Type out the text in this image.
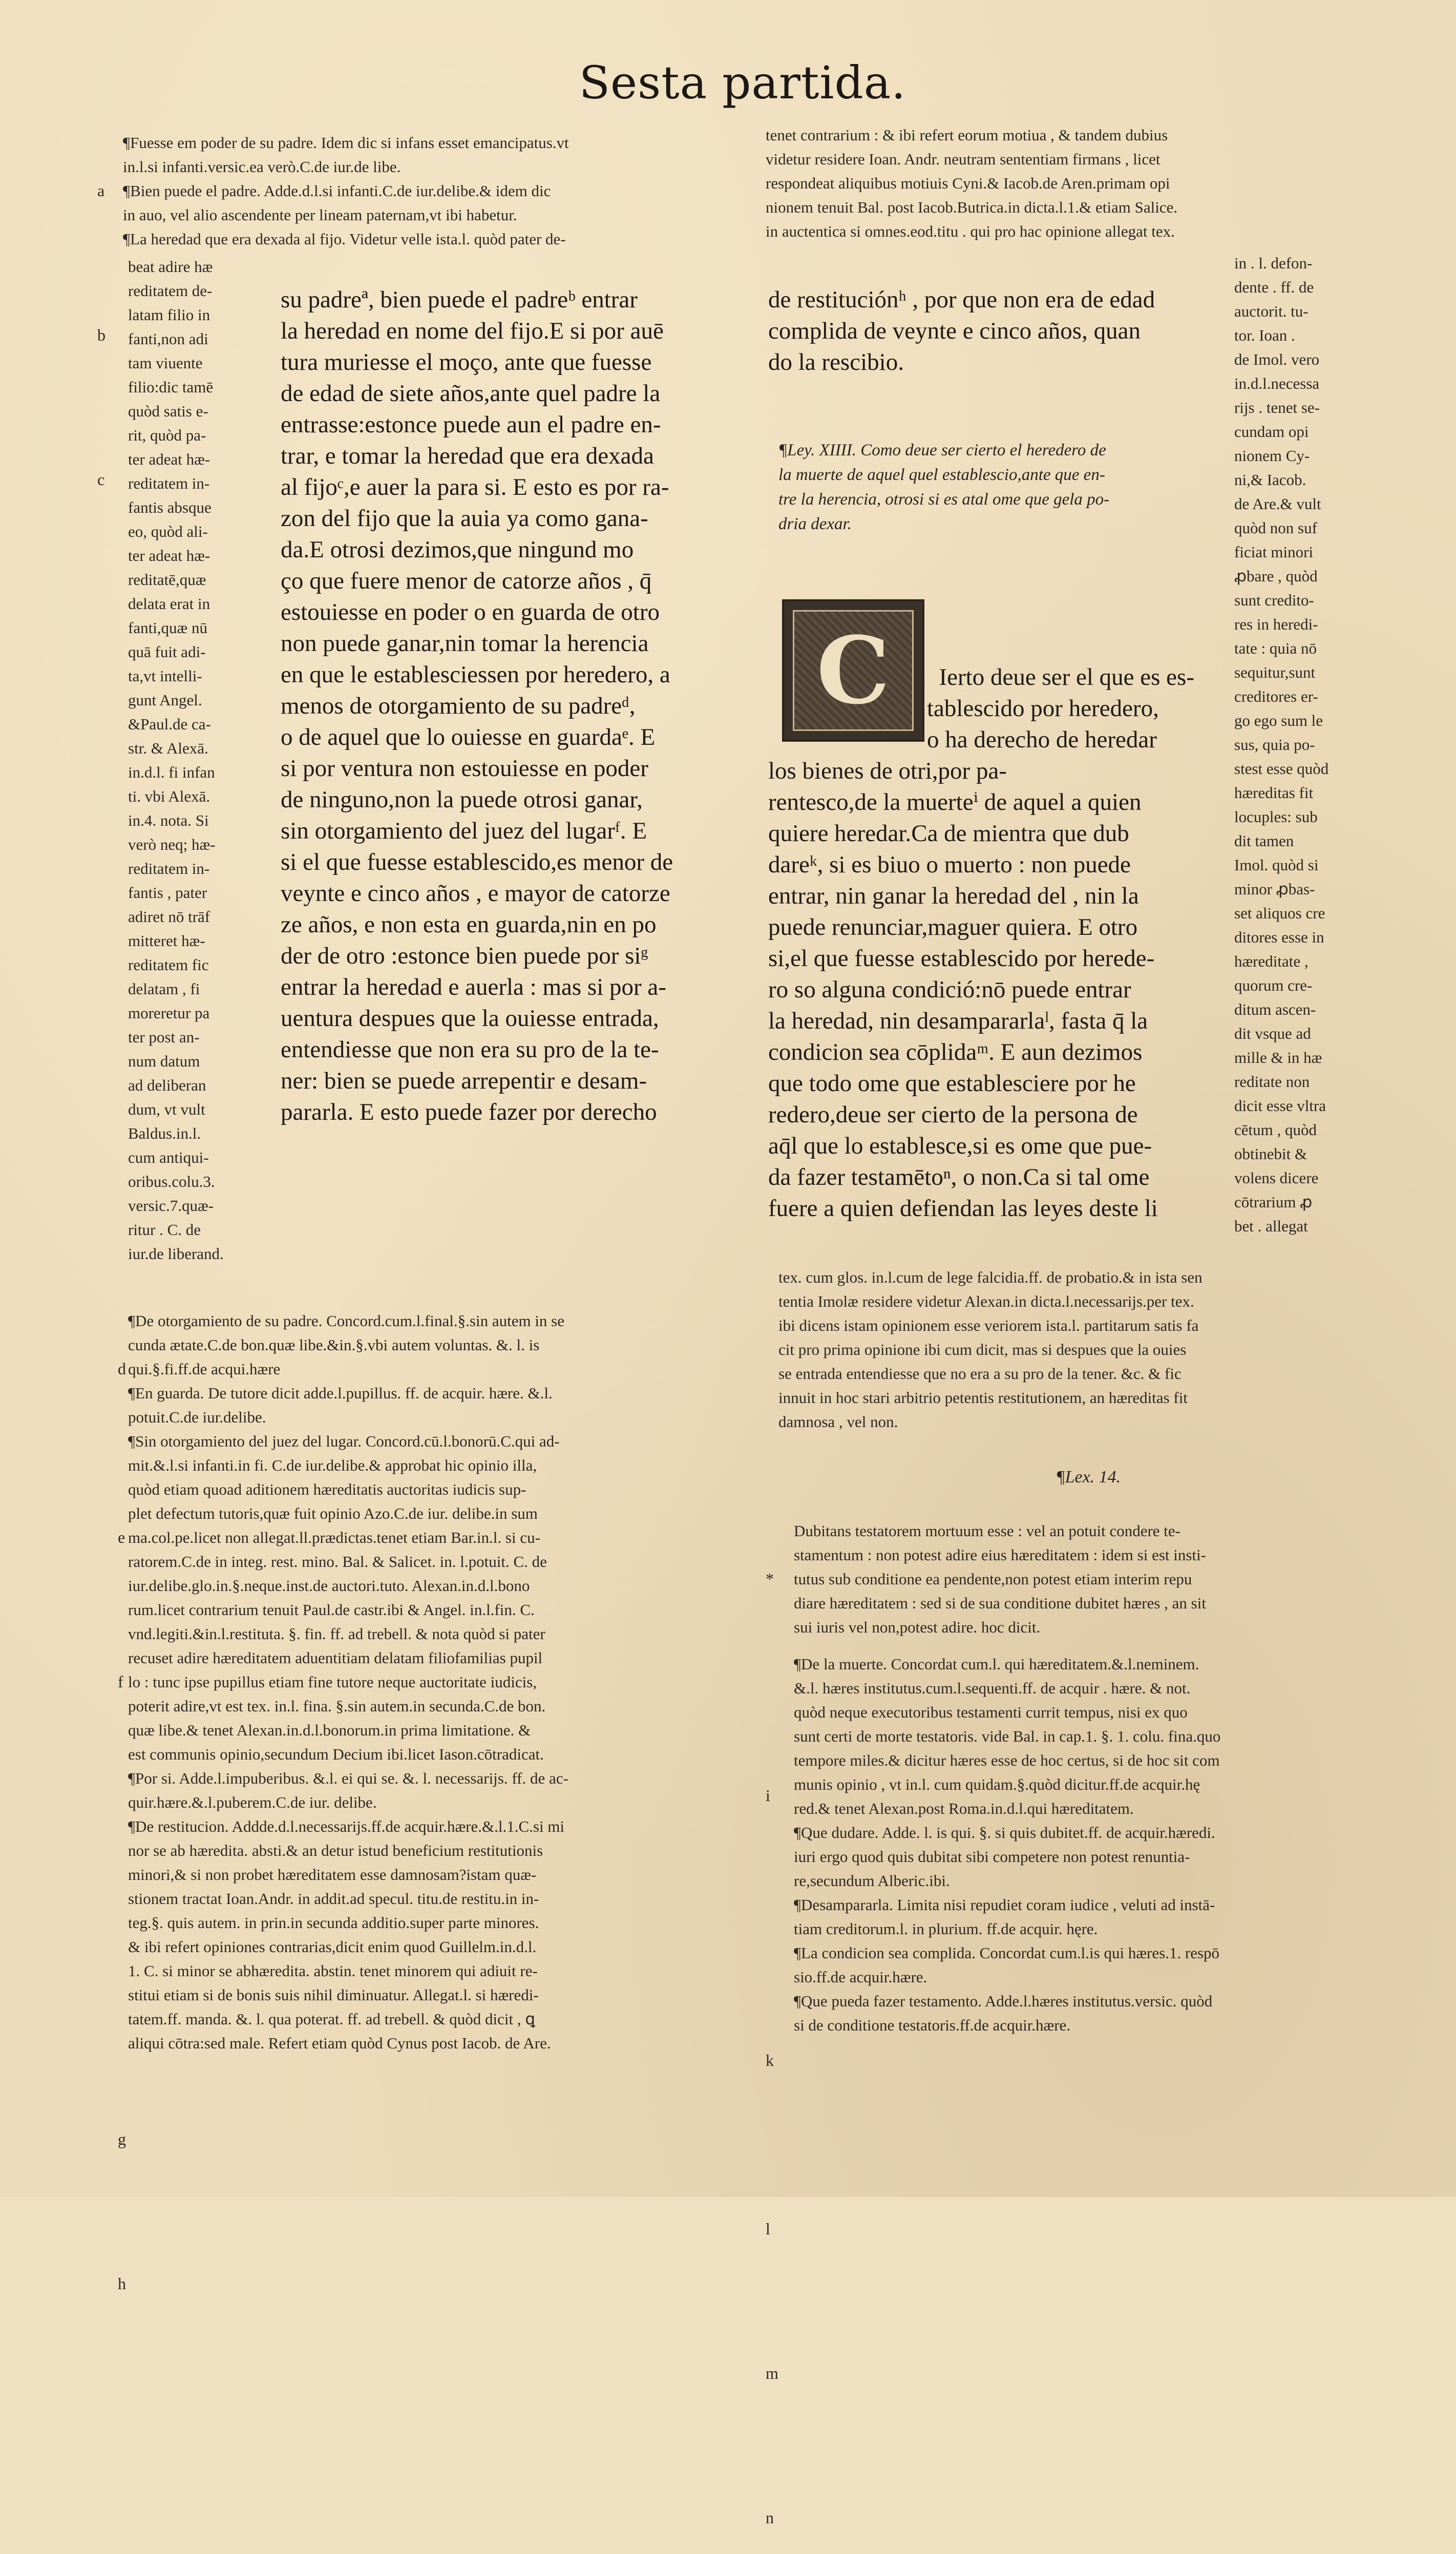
Sesta partida.

a

b

c

¶Fuesse em poder de su padre. Idem dic si infans esset emancipatus.vt
in.l.si infanti.versic.ea verò.C.de iur.de libe.
¶Bien puede el padre. Adde.d.l.si infanti.C.de iur.delibe.& idem dic
in auo, vel alio ascendente per lineam paternam,vt ibi habetur.
¶La heredad que era dexada al fijo. Videtur velle ista.l. quòd pater de-
beat adire hæ
reditatem de-
latam filio in
fanti,non adi
tam viuente
filio:dic tamē
quòd satis e-
rit, quòd pa-
ter adeat hæ-
reditatem in-
fantis absque
eo, quòd ali-
ter adeat hæ-
reditatē,quæ
delata erat in
fanti,quæ nū
quā fuit adi-
ta,vt intelli-
gunt Angel.
&Paul.de ca-
str. & Alexā.
in.d.l. fi infan
ti. vbi Alexā.
in.4. nota. Si
verò neq; hæ-
reditatem in-
fantis , pater
adiret nō trāf
mitteret hæ-
reditatem fic
delatam , fi
moreretur pa
ter post an-
num datum
ad deliberan
dum, vt vult
Baldus.in.l.
cum antiqui-
oribus.colu.3.
versic.7.quæ-
ritur . C. de
iur.de liberand.
su padreª, bien puede el padreᵇ entrar
la heredad en nome del fijo.E si por auē
tura muriesse el moço, ante que fuesse
de edad de siete años,ante quel padre la
entrasse:estonce puede aun el padre en-
trar, e tomar la heredad que era dexada
al fijoᶜ,e auer la para si. E esto es por ra-
zon del fijo que la auia ya como gana-
da.E otrosi dezimos,que ningund mo
ço que fuere menor de catorze años , q̄
estouiesse en poder o en guarda de otro
non puede ganar,nin tomar la herencia
en que le establesciessen por heredero, a
menos de otorgamiento de su padreᵈ,
o de aquel que lo ouiesse en guardaᵉ. E
si por ventura non estouiesse en poder
de ninguno,non la puede otrosi ganar,
sin otorgamiento del juez del lugarᶠ. E
si el que fuesse establescido,es menor de
veynte e cinco años , e mayor de catorze
ze años, e non esta en guarda,nin en po
der de otro :estonce bien puede por siᵍ
entrar la heredad e auerla : mas si por a-
uentura despues que la ouiesse entrada,
entendiesse que non era su pro de la te-
ner: bien se puede arrepentir e desam-
pararla. E esto puede fazer por derecho
tenet contrarium : & ibi refert eorum motiua , & tandem dubius
videtur residere Ioan. Andr. neutram sententiam firmans , licet
respondeat aliquibus motiuis Cyni.& Iacob.de Aren.primam opi
nionem tenuit Bal. post Iacob.Butrica.in dicta.l.1.& etiam Salice.
in auctentica si omnes.eod.titu . qui pro hac opinione allegat tex.
de restituciónʰ , por que non era de edad
complida de veynte e cinco años, quan
do la rescibio.
in . l. defon-
dente . ff. de
auctorit. tu-
tor. Ioan .
de Imol. vero
in.d.l.necessa
rijs . tenet se-
cundam opi
nionem Cy-
ni,& Iacob.
de Are.& vult
quòd non suf
ficiat minori
ꝓbare , quòd
sunt credito-
res in heredi-
tate : quia nō
sequitur,sunt
creditores er-
go ego sum le
sus, quia po-
stest esse quòd
hæreditas fit
locuples: sub
dit tamen
Imol. quòd si
minor ꝓbas-
set aliquos cre
ditores esse in
hæreditate ,
quorum cre-
ditum ascen-
dit vsque ad
mille & in hæ
reditate non
dicit esse vltra
cētum , quòd
obtinebit &
volens dicere
cōtrarium ꝓ
bet . allegat
¶Ley. XIIII. Como deue ser cierto el heredero de
la muerte de aquel quel establescio,ante que en-
tre la herencia, otrosi si es atal ome que gela po-
dria dexar.
C

	Ierto deue ser el que es es-
tablescido por heredero,
o ha derecho de heredar
los bienes de otri,por pa-
rentesco,de la muerteⁱ de aquel a quien
quiere heredar.Ca de mientra que dub
dareᵏ, si es biuo o muerto : non puede
entrar, nin ganar la heredad del , nin la
puede renunciar,maguer quiera. E otro
si,el que fuesse establescido por herede-
ro so alguna condició:nō puede entrar
la heredad, nin desampararlaˡ, fasta q̄ la
condicion sea cōplidaᵐ. E aun dezimos
que todo ome que establesciere por he
redero,deue ser cierto de la persona de
aq̄l que lo establesce,si es ome que pue-
da fazer testamētoⁿ, o non.Ca si tal ome
fuere a quien defiendan las leyes deste li

tex. cum glos. in.l.cum de lege falcidia.ff. de probatio.& in ista sen
tentia Imolæ residere videtur Alexan.in dicta.l.necessarijs.per tex.
ibi dicens istam opinionem esse veriorem ista.l. partitarum satis fa
cit pro prima opinione ibi cum dicit, mas si despues que la ouies
se entrada entendiesse que no era a su pro de la tener. &c. & fic
innuit in hoc stari arbitrio petentis restitutionem, an hæreditas fit
damnosa , vel non.
¶Lex. 14.

*

i

k

l

m

n

Dubitans testatorem mortuum esse : vel an potuit condere te-
stamentum : non potest adire eius hæreditatem : idem si est insti-
tutus sub conditione ea pendente,non potest etiam interim repu
diare hæreditatem : sed si de sua conditione dubitet hæres , an sit
sui iuris vel non,potest adire. hoc dicit.
¶De la muerte. Concordat cum.l. qui hæreditatem.&.l.neminem.
&.l. hæres institutus.cum.l.sequenti.ff. de acquir . hære. & not.
quòd neque executoribus testamenti currit tempus, nisi ex quo
sunt certi de morte testatoris. vide Bal. in cap.1. §. 1. colu. fina.quo
tempore miles.& dicitur hæres esse de hoc certus, si de hoc sit com
munis opinio , vt in.l. cum quidam.§.quòd dicitur.ff.de acquir.hę
red.& tenet Alexan.post Roma.in.d.l.qui hæreditatem.
¶Que dudare. Adde. l. is qui. §. si quis dubitet.ff. de acquir.hæredi.
iuri ergo quod quis dubitat sibi competere non potest renuntia-
re,secundum Alberic.ibi.
¶Desampararla. Limita nisi repudiet coram iudice , veluti ad instā-
tiam creditorum.l. in plurium. ff.de acquir. hęre.
¶La condicion sea complida. Concordat cum.l.is qui hæres.1. respō
sio.ff.de acquir.hære.
¶Que pueda fazer testamento. Adde.l.hæres institutus.versic. quòd
si de conditione testatoris.ff.de acquir.hære.

d

e

f

g

h

¶De otorgamiento de su padre. Concord.cum.l.final.§.sin autem in se
cunda ætate.C.de bon.quæ libe.&in.§.vbi autem voluntas. &. l. is
qui.§.fi.ff.de acqui.hære
¶En guarda. De tutore dicit adde.l.pupillus. ff. de acquir. hære. &.l.
potuit.C.de iur.delibe.
¶Sin otorgamiento del juez del lugar. Concord.cū.l.bonorū.C.qui ad-
mit.&.l.si infanti.in fi. C.de iur.delibe.& approbat hic opinio illa,
quòd etiam quoad aditionem hæreditatis auctoritas iudicis sup-
plet defectum tutoris,quæ fuit opinio Azo.C.de iur. delibe.in sum
ma.col.pe.licet non allegat.ll.prædictas.tenet etiam Bar.in.l. si cu-
ratorem.C.de in integ. rest. mino. Bal. & Salicet. in. l.potuit. C. de
iur.delibe.glo.in.§.neque.inst.de auctori.tuto. Alexan.in.d.l.bono
rum.licet contrarium tenuit Paul.de castr.ibi & Angel. in.l.fin. C.
vnd.legiti.&in.l.restituta. §. fin. ff. ad trebell. & nota quòd si pater
recuset adire hæreditatem aduentitiam delatam filiofamilias pupil
lo : tunc ipse pupillus etiam fine tutore neque auctoritate iudicis,
poterit adire,vt est tex. in.l. fina. §.sin autem.in secunda.C.de bon.
quæ libe.& tenet Alexan.in.d.l.bonorum.in prima limitatione. &
est communis opinio,secundum Decium ibi.licet Iason.cōtradicat.
¶Por si. Adde.l.impuberibus. &.l. ei qui se. &. l. necessarijs. ff. de ac-
quir.hære.&.l.puberem.C.de iur. delibe.
¶De restitucion. Addde.d.l.necessarijs.ff.de acquir.hære.&.l.1.C.si mi
nor se ab hæredita. absti.& an detur istud beneficium restitutionis
minori,& si non probet hæreditatem esse damnosam?istam quæ-
stionem tractat Ioan.Andr. in addit.ad specul. titu.de restitu.in in-
teg.§. quis autem. in prin.in secunda additio.super parte minores.
& ibi refert opiniones contrarias,dicit enim quod Guillelm.in.d.l.
1. C. si minor se abhæredita. abstin. tenet minorem qui adiuit re-
stitui etiam si de bonis suis nihil diminuatur. Allegat.l. si hæredi-
tatem.ff. manda. &. l. qua poterat. ff. ad trebell. & quòd dicit , ꝗ
aliqui cōtra:sed male. Refert etiam quòd Cynus post Iacob. de Are.
